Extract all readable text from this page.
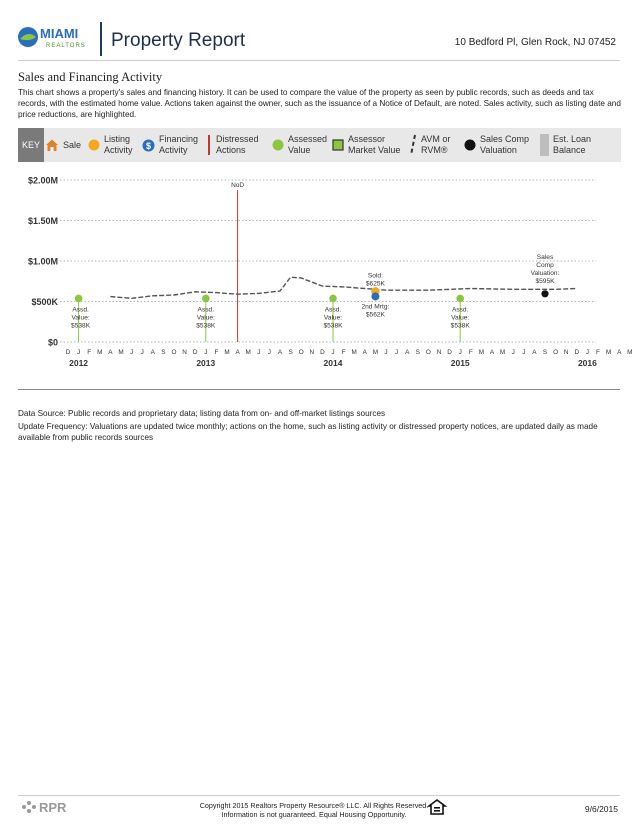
MIAMI
REALTORS Property Report	10 Bedford Pl, Glen Rock, NJ 07452
Sales and Financing Activity
This chart shows a property's sales and financing history. It can be used to compare the value of the property as seen by public records, such as deeds and tax records, with the estimated home value. Actions taken against the owner, such as the issuance of a Notice of Default, are noted. Sales activity, such as listing date and price reductions, are highlighted.
KEY	Sale
Listing Activity	$
Financing Activity
Distressed Actions
Assessed Value
Assessor Market Value
AVM or RVM®
Sales Comp Valuation
Est. Loan Balance
$2.00M
$1.50M
$1.00M
$500K
$0
NoD
Assd. Value: $538K
Assd. Value: $538K
Assd. Value: $538K
Assd. Value: $538K
Sold: $625K
2nd Mrtg: $562K
Sales Comp Valuation: $595K
D J F M A M J J A S O N D J F M A M J J A S O N D J F M A M J J A S O N D J F M A M J J A S O N D J F M A M
2012	2013	2014	2015	2016
Data Source: Public records and proprietary data; listing data from on- and off-market listings sources
Update Frequency: Valuations are updated twice monthly; actions on the home, such as listing activity or distressed property notices, are updated daily as made available from public records sources
RPR	Copyright 2015 Realtors Property Resource® LLC. All Rights Reserved.
Information is not guaranteed. Equal Housing Opportunity.
9/6/2015
